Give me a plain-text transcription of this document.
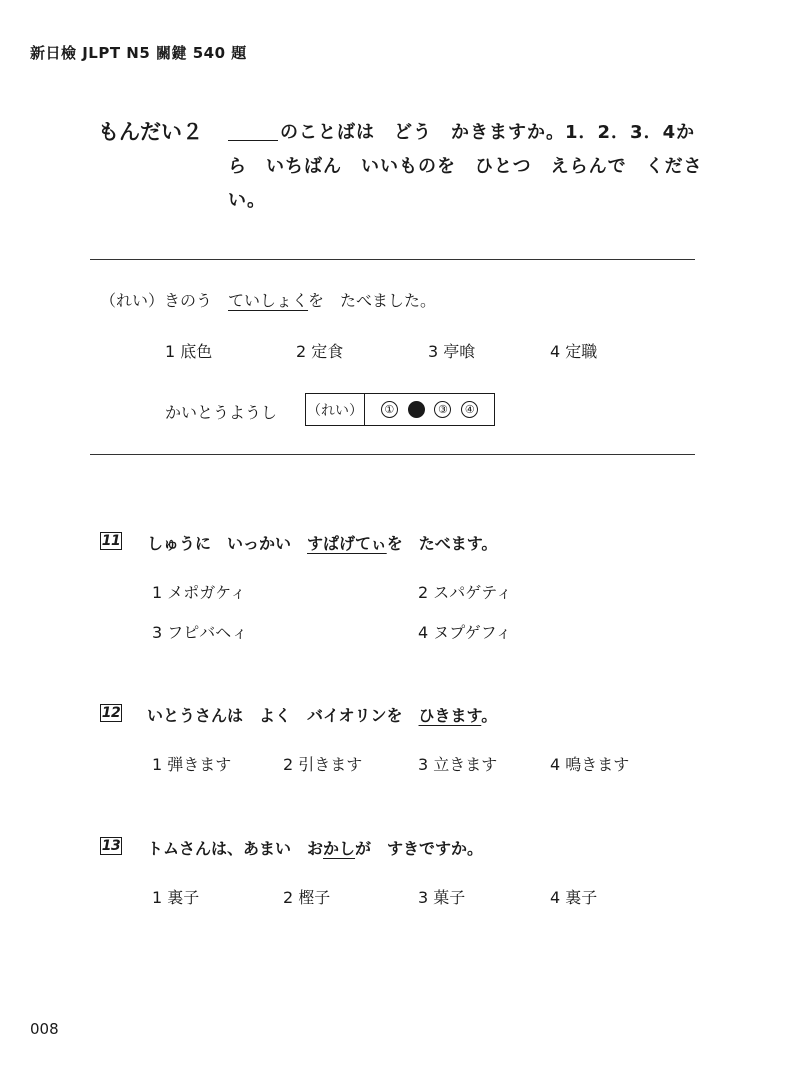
新日檢 JLPT N5 關鍵 540 題
もんだい２	のことばは　どう　かきますか。1．2．3．4か
ら　いちばん　いいものを　ひとつ　えらんで　くださ
い。
（れい）きのう　ていしょくを　たべました。
1 底色	2 定食	3 亭喰	4 定職
かいとうようし （れい）	①	③	④
11 しゅうに　いっかい　すぱげてぃを　たべます。
1 メポガケィ	2 スパゲティ
3 フピバヘィ	4 ヌプゲフィ
12 いとうさんは　よく　バイオリンを　ひきます。
1 弾きます	2 引きます	3 立きます	4 鳴きます
13 トムさんは、あまい　おかしが　すきですか。
1 裏子	2 樫子	3 菓子	4 裏子
008
